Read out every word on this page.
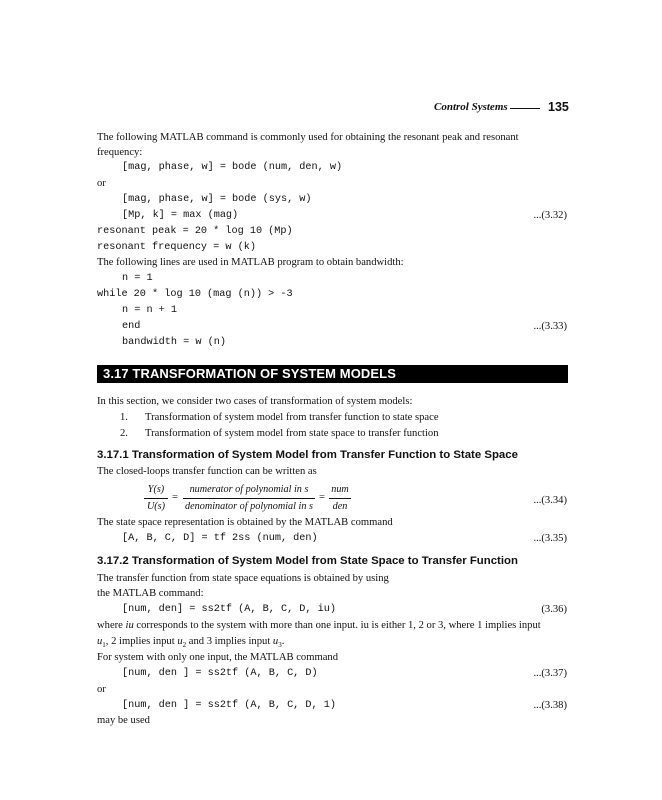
Control Systems	135
The following MATLAB command is commonly used for obtaining the resonant peak and resonant
frequency:
[mag, phase, w] = bode (num, den, w)
or
[mag, phase, w] = bode (sys, w)
[Mp, k] = max (mag)	...(3.32)
resonant peak = 20 * log 10 (Mp)
resonant frequency = w (k)
The following lines are used in MATLAB program to obtain bandwidth:
n = 1
while 20 * log 10 (mag (n)) > -3
n = n + 1
end	...(3.33)
bandwidth = w (n)
3.17 TRANSFORMATION OF SYSTEM MODELS
In this section, we consider two cases of transformation of system models:
1. Transformation of system model from transfer function to state space
2. Transformation of system model from state space to transfer function
3.17.1 Transformation of System Model from Transfer Function to State Space
The closed-loops transfer function can be written as
Y(s)
U(s)
=
numerator of polynomial in s
denominator of polynomial in s
=
num
den
...(3.34)
The state space representation is obtained by the MATLAB command
[A, B, C, D] = tf 2ss (num, den)	...(3.35)
3.17.2 Transformation of System Model from State Space to Transfer Function
The transfer function from state space equations is obtained by using
the MATLAB command:
[num, den] = ss2tf (A, B, C, D, iu)	(3.36)
where iu corresponds to the system with more than one input. iu is either 1, 2 or 3, where 1 implies input
$u_1$, 2 implies input $u_2$ and 3 implies input $u_3$.
For system with only one input, the MATLAB command
[num, den ] = ss2tf (A, B, C, D)	...(3.37)
or
[num, den ] = ss2tf (A, B, C, D, 1)	...(3.38)
may be used
